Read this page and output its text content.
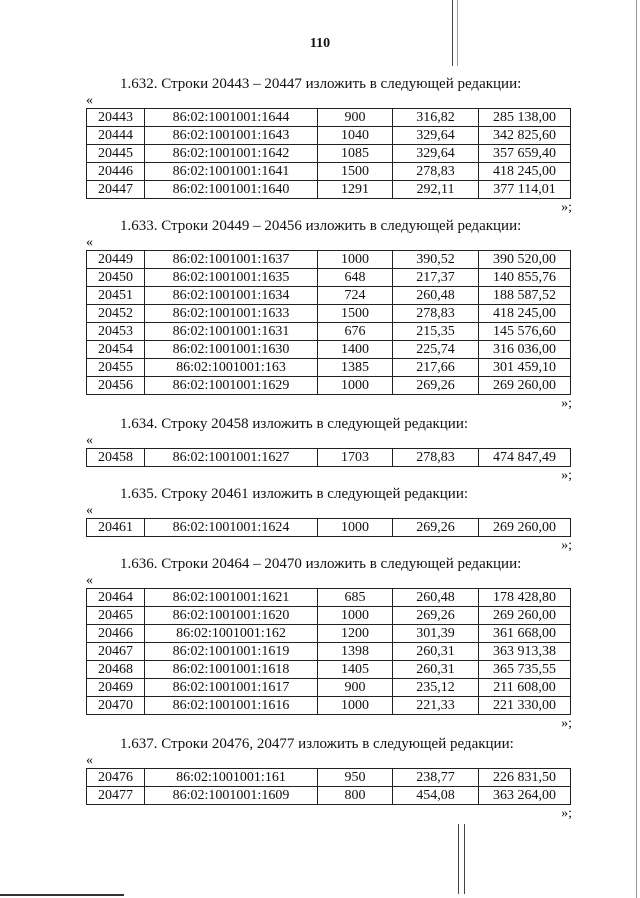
110
1.632. Строки 20443 – 20447 изложить в следующей редакции:
«
20443	86:02:1001001:1644	900	316,82	285 138,00
20444	86:02:1001001:1643	1040	329,64	342 825,60
20445	86:02:1001001:1642	1085	329,64	357 659,40
20446	86:02:1001001:1641	1500	278,83	418 245,00
20447	86:02:1001001:1640	1291	292,11	377 114,01
»;
1.633. Строки 20449 – 20456 изложить в следующей редакции:
«
20449	86:02:1001001:1637	1000	390,52	390 520,00
20450	86:02:1001001:1635	648	217,37	140 855,76
20451	86:02:1001001:1634	724	260,48	188 587,52
20452	86:02:1001001:1633	1500	278,83	418 245,00
20453	86:02:1001001:1631	676	215,35	145 576,60
20454	86:02:1001001:1630	1400	225,74	316 036,00
20455	86:02:1001001:163	1385	217,66	301 459,10
20456	86:02:1001001:1629	1000	269,26	269 260,00
»;
1.634. Строку 20458 изложить в следующей редакции:
«
20458	86:02:1001001:1627	1703	278,83	474 847,49
»;
1.635. Строку 20461 изложить в следующей редакции:
«
20461	86:02:1001001:1624	1000	269,26	269 260,00
»;
1.636. Строки 20464 – 20470 изложить в следующей редакции:
«
20464	86:02:1001001:1621	685	260,48	178 428,80
20465	86:02:1001001:1620	1000	269,26	269 260,00
20466	86:02:1001001:162	1200	301,39	361 668,00
20467	86:02:1001001:1619	1398	260,31	363 913,38
20468	86:02:1001001:1618	1405	260,31	365 735,55
20469	86:02:1001001:1617	900	235,12	211 608,00
20470	86:02:1001001:1616	1000	221,33	221 330,00
»;
1.637. Строки 20476, 20477 изложить в следующей редакции:
«
20476	86:02:1001001:161	950	238,77	226 831,50
20477	86:02:1001001:1609	800	454,08	363 264,00
»;
